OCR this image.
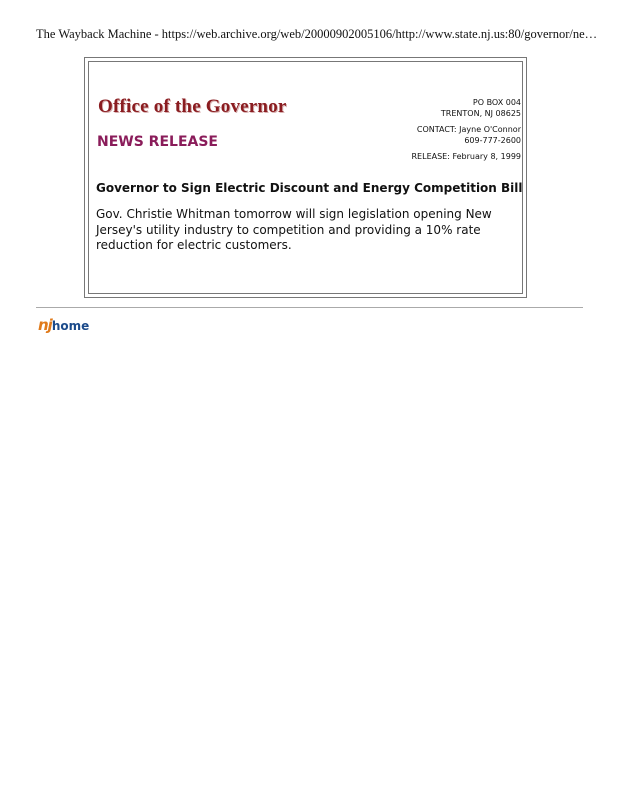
The Wayback Machine - https://web.archive.org/web/20000902005106/http://www.state.nj.us:80/governor/ne…
Office of the Governor
NEWS RELEASE
PO BOX 004
TRENTON, NJ 08625
CONTACT: Jayne O'Connor
609-777-2600
RELEASE: February 8, 1999
Governor to Sign Electric Discount and Energy Competition Bill
Gov. Christie Whitman tomorrow will sign legislation opening New Jersey's utility industry to competition and providing a 10% rate reduction for electric customers.
njhome
